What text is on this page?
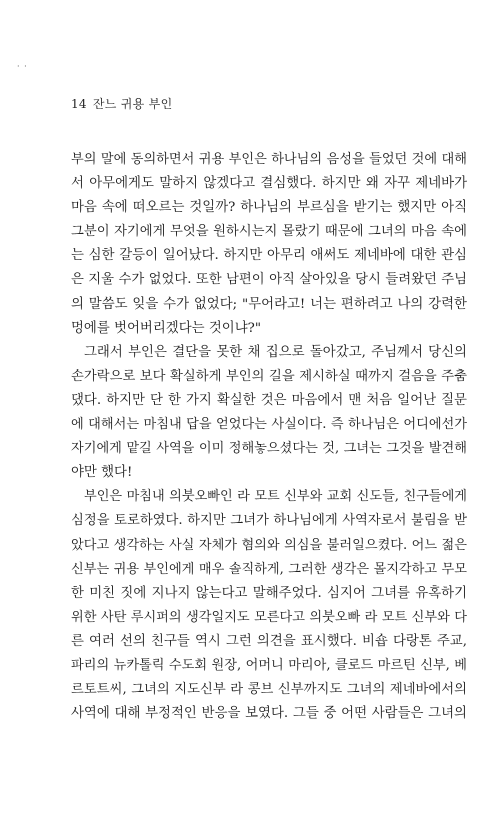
· ·
14 잔느 귀용 부인
부의 말에 동의하면서 귀용 부인은 하나님의 음성을 들었던 것에 대해
서 아무에게도 말하지 않겠다고 결심했다. 하지만 왜 자꾸 제네바가
마음 속에 떠오르는 것일까? 하나님의 부르심을 받기는 했지만 아직
그분이 자기에게 무엇을 원하시는지 몰랐기 때문에 그녀의 마음 속에
는 심한 갈등이 일어났다. 하지만 아무리 애써도 제네바에 대한 관심
은 지울 수가 없었다. 또한 남편이 아직 살아있을 당시 들려왔던 주님
의 말씀도 잊을 수가 없었다; "무어라고! 너는 편하려고 나의 강력한
멍에를 벗어버리겠다는 것이냐?"
그래서 부인은 결단을 못한 채 집으로 돌아갔고, 주님께서 당신의
손가락으로 보다 확실하게 부인의 길을 제시하실 때까지 걸음을 주춤
댔다. 하지만 단 한 가지 확실한 것은 마음에서 맨 처음 일어난 질문
에 대해서는 마침내 답을 얻었다는 사실이다. 즉 하나님은 어디에선가
자기에게 맡길 사역을 이미 정해놓으셨다는 것, 그녀는 그것을 발견해
야만 했다!
부인은 마침내 의붓오빠인 라 모트 신부와 교회 신도들, 친구들에게
심정을 토로하였다. 하지만 그녀가 하나님에게 사역자로서 불림을 받
았다고 생각하는 사실 자체가 혐의와 의심을 불러일으켰다. 어느 젊은
신부는 귀용 부인에게 매우 솔직하게, 그러한 생각은 몰지각하고 무모
한 미친 짓에 지나지 않는다고 말해주었다. 심지어 그녀를 유혹하기
위한 사탄 루시퍼의 생각일지도 모른다고 의붓오빠 라 모트 신부와 다
른 여러 선의 친구들 역시 그런 의견을 표시했다. 비숍 다랑톤 주교,
파리의 뉴카톨릭 수도회 원장, 어머니 마리아, 클로드 마르틴 신부, 베
르토트씨, 그녀의 지도신부 라 콩브 신부까지도 그녀의 제네바에서의
사역에 대해 부정적인 반응을 보였다. 그들 중 어떤 사람들은 그녀의
